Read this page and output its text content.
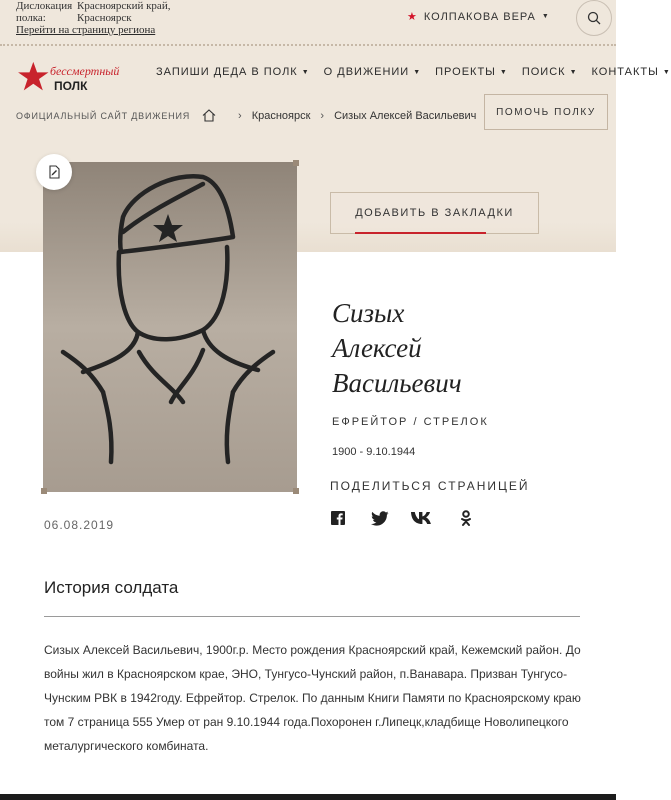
Дислокация полка:
Красноярский край, Красноярск
Перейти на страницу региона
★ КОЛПАКОВА ВЕРА ▼
бессмертный
ПОЛК
ЗАПИШИ ДЕДА В ПОЛК ▼ О ДВИЖЕНИИ ▼ ПРОЕКТЫ ▼ ПОИСК ▼ КОНТАКТЫ ▼
ОФИЦИАЛЬНЫЙ САЙТ ДВИЖЕНИЯ	› Красноярск › Сизых Алексей Васильевич	ПОМОЧЬ ПОЛКУ
ДОБАВИТЬ В ЗАКЛАДКИ
Сизых
Алексей
Васильевич
ЕФРЕЙТОР / СТРЕЛОК
1900 - 9.10.1944
ПОДЕЛИТЬСЯ СТРАНИЦЕЙ
06.08.2019
История солдата
Сизых Алексей Васильевич, 1900г.р. Место рождения Красноярский край, Кежемский район. До войны жил в Красноярском крае, ЭНО, Тунгусо-Чунский район, п.Ванавара. Призван Тунгусо-Чунским РВК в 1942году. Ефрейтор. Стрелок. По данным Книги Памяти по Красноярскому краю том 7 страница 555 Умер от ран 9.10.1944 года.Похоронен г.Липецк,кладбище Новолипецкого металургического комбината.
